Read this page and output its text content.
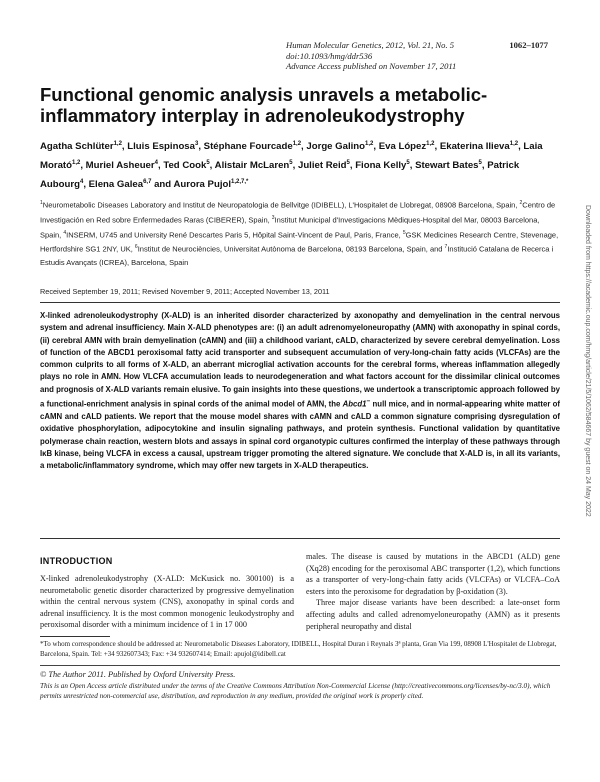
Human Molecular Genetics, 2012, Vol. 21, No. 5	1062–1077
doi:10.1093/hmg/ddr536
Advance Access published on November 17, 2011
Functional genomic analysis unravels a metabolic-inflammatory interplay in adrenoleukodystrophy
Agatha Schlüter$^{1,2}$, Lluis Espinosa$^3$, Stéphane Fourcade$^{1,2}$, Jorge Galino$^{1,2}$, Eva López$^{1,2}$, Ekaterina Ilieva$^{1,2}$, Laia Morató$^{1,2}$, Muriel Asheuer$^4$, Ted Cook$^5$, Alistair McLaren$^5$, Juliet Reid$^5$, Fiona Kelly$^5$, Stewart Bates$^5$, Patrick Aubourg$^4$, Elena Galea$^{6,7}$ and Aurora Pujol$^{1,2,7,*}$
$^1$Neurometabolic Diseases Laboratory and Institut de Neuropatologia de Bellvitge (IDIBELL), L'Hospitalet de Llobregat, 08908 Barcelona, Spain, $^2$Centro de Investigación en Red sobre Enfermedades Raras (CIBERER), Spain, $^3$Institut Municipal d'Investigacions Mèdiques-Hospital del Mar, 08003 Barcelona, Spain, $^4$INSERM, U745 and University René Descartes Paris 5, Hôpital Saint-Vincent de Paul, Paris, France, $^5$GSK Medicines Research Centre, Stevenage, Hertfordshire SG1 2NY, UK, $^6$Institut de Neurociències, Universitat Autònoma de Barcelona, 08193 Barcelona, Spain, and $^7$Institució Catalana de Recerca i Estudis Avançats (ICREA), Barcelona, Spain
Received September 19, 2011; Revised November 9, 2011; Accepted November 13, 2011

X-linked adrenoleukodystrophy (X-ALD) is an inherited disorder characterized by axonopathy and demyelination in the central nervous system and adrenal insufficiency. Main X-ALD phenotypes are: (i) an adult adrenomyeloneuropathy (AMN) with axonopathy in spinal cords, (ii) cerebral AMN with brain demyelination (cAMN) and (iii) a childhood variant, cALD, characterized by severe cerebral demyelination. Loss of function of the ABCD1 peroxisomal fatty acid transporter and subsequent accumulation of very-long-chain fatty acids (VLCFAs) are the common culprits to all forms of X-ALD, an aberrant microglial activation accounts for the cerebral forms, whereas inflammation allegedly plays no role in AMN. How VLCFA accumulation leads to neurodegeneration and what factors account for the dissimilar clinical outcomes and prognosis of X-ALD variants remain elusive. To gain insights into these questions, we undertook a transcriptomic approach followed by a functional-enrichment analysis in spinal cords of the animal model of AMN, the Abcd1− null mice, and in normal-appearing white matter of cAMN and cALD patients. We report that the mouse model shares with cAMN and cALD a common signature comprising dysregulation of oxidative phosphorylation, adipocytokine and insulin signaling pathways, and protein synthesis. Functional validation by quantitative polymerase chain reaction, western blots and assays in spinal cord organotypic cultures confirmed the interplay of these pathways through IκB kinase, being VLCFA in excess a causal, upstream trigger promoting the altered signature. We conclude that X-ALD is, in all its variants, a metabolic/inflammatory syndrome, which may offer new targets in X-ALD therapeutics.

INTRODUCTION

X-linked adrenoleukodystrophy (X-ALD: McKusick no. 300100) is a neurometabolic genetic disorder characterized by progressive demyelination within the central nervous system (CNS), axonopathy in spinal cords and adrenal insufficiency. It is the most common monogenic leukodystrophy and peroxisomal disorder with a minimum incidence of 1 in 17 000

males. The disease is caused by mutations in the ABCD1 (ALD) gene (Xq28) encoding for the peroxisomal ABC transporter (1,2), which functions as a transporter of very-long-chain fatty acids (VLCFAs) or VLCFA–CoA esters into the peroxisome for degradation by β-oxidation (3).

Three major disease variants have been described: a late-onset form affecting adults and called adrenomyeloneuropathy (AMN) as it presents peripheral neuropathy and distal

*To whom correspondence should be addressed at: Neurometabolic Diseases Laboratory, IDIBELL, Hospital Duran i Reynals 3ª planta, Gran Via 199, 08908 L'Hospitalet de Llobregat, Barcelona, Spain. Tel: +34 932607343; Fax: +34 932607414; Email: apujol@idibell.cat
© The Author 2011. Published by Oxford University Press.
This is an Open Access article distributed under the terms of the Creative Commons Attribution Non-Commercial License (http://creativecommons.org/licenses/by-nc/3.0), which permits unrestricted non-commercial use, distribution, and reproduction in any medium, provided the original work is properly cited.
Downloaded from https://academic.oup.com/hmg/article/21/5/1062/584667 by guest on 24 May 2022
